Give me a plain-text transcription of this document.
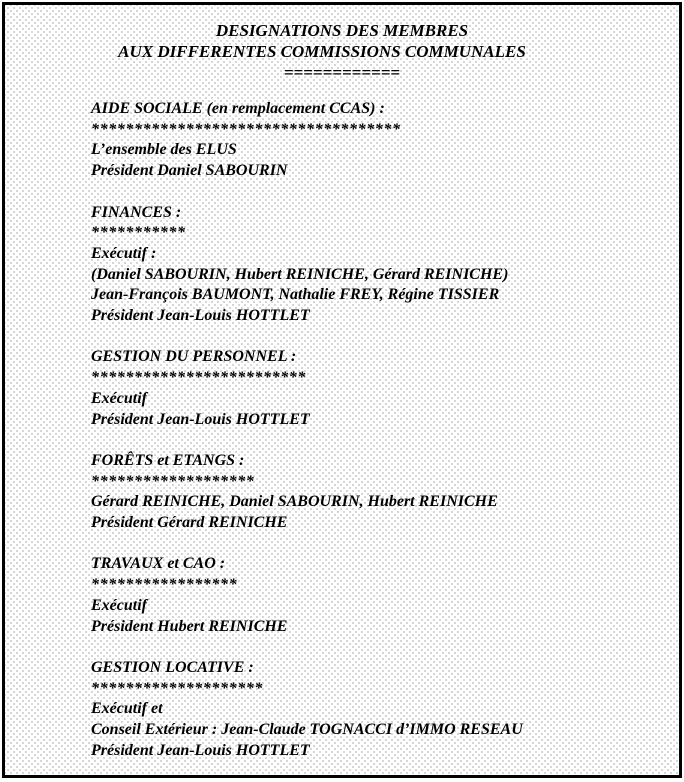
DESIGNATIONS DES MEMBRES
AUX DIFFERENTES COMMISSIONS COMMUNALES
============
AIDE SOCIALE (en remplacement CCAS) :
************************************
L’ensemble des ELUS
Président Daniel SABOURIN
FINANCES :
***********
Exécutif :
(Daniel SABOURIN, Hubert REINICHE, Gérard REINICHE)
Jean-François BAUMONT, Nathalie FREY, Régine TISSIER
Président Jean-Louis HOTTLET
GESTION DU PERSONNEL :
*************************
Exécutif
Président Jean-Louis HOTTLET
FORÊTS et ETANGS :
*******************
Gérard REINICHE, Daniel SABOURIN, Hubert REINICHE
Président Gérard REINICHE
TRAVAUX et CAO :
*****************
Exécutif
Président Hubert REINICHE
GESTION LOCATIVE :
********************
Exécutif et
Conseil Extérieur : Jean-Claude TOGNACCI d’IMMO RESEAU
Président Jean-Louis HOTTLET
